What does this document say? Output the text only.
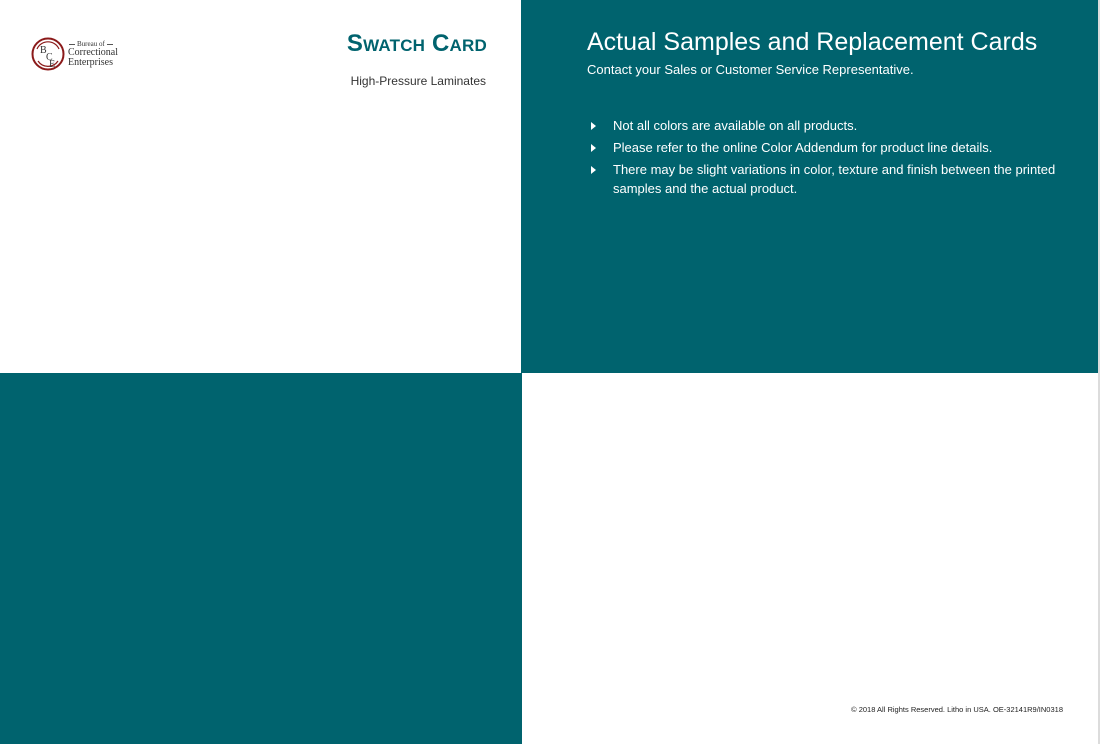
B
C
E
Bureau of
Correctional
Enterprises
Swatch Card
High-Pressure Laminates
Actual Samples and Replacement Cards
Contact your Sales or Customer Service Representative.
Not all colors are available on all products.
Please refer to the online Color Addendum for product line details.
There may be slight variations in color, texture and finish between the printed samples and the actual product.
© 2018 All Rights Reserved. Litho in USA. OE-32141R9/IN0318
